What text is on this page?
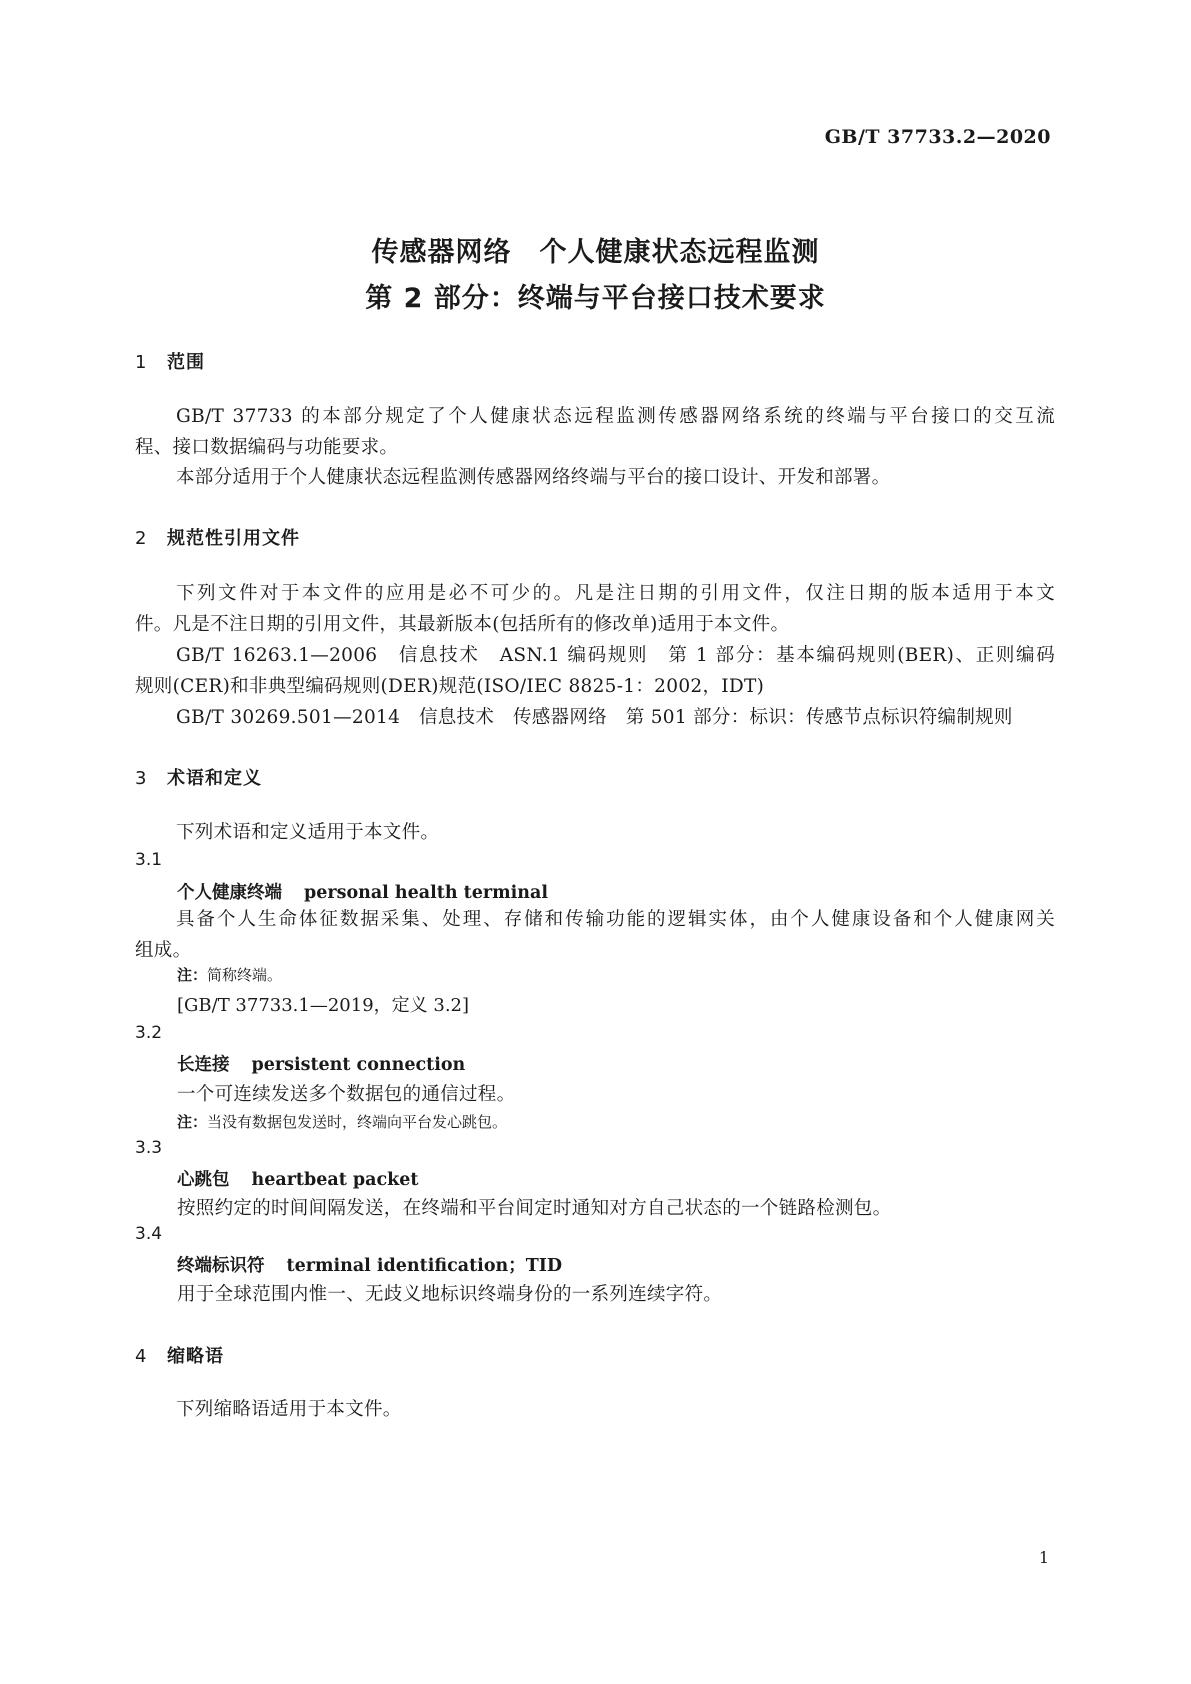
GB/T 37733.2—2020
传感器网络　个人健康状态远程监测
第 2 部分：终端与平台接口技术要求
1 范围
GB/T 37733 的本部分规定了个人健康状态远程监测传感器网络系统的终端与平台接口的交互流
程、接口数据编码与功能要求。
本部分适用于个人健康状态远程监测传感器网络终端与平台的接口设计、开发和部署。
2 规范性引用文件
下列文件对于本文件的应用是必不可少的。凡是注日期的引用文件，仅注日期的版本适用于本文
件。凡是不注日期的引用文件，其最新版本(包括所有的修改单)适用于本文件。
GB/T 16263.1—2006　信息技术　ASN.1 编码规则　第 1 部分：基本编码规则(BER)、正则编码
规则(CER)和非典型编码规则(DER)规范(ISO/IEC 8825-1：2002，IDT)
GB/T 30269.501—2014　信息技术　传感器网络　第 501 部分：标识：传感节点标识符编制规则
3 术语和定义
下列术语和定义适用于本文件。
3.1
个人健康终端 personal health terminal
具备个人生命体征数据采集、处理、存储和传输功能的逻辑实体，由个人健康设备和个人健康网关
组成。
注：简称终端。
[GB/T 37733.1—2019，定义 3.2]
3.2
长连接 persistent connection
一个可连续发送多个数据包的通信过程。
注：当没有数据包发送时，终端向平台发心跳包。
3.3
心跳包 heartbeat packet
按照约定的时间间隔发送，在终端和平台间定时通知对方自己状态的一个链路检测包。
3.4
终端标识符 terminal identification；TID
用于全球范围内惟一、无歧义地标识终端身份的一系列连续字符。
4 缩略语
下列缩略语适用于本文件。
1
